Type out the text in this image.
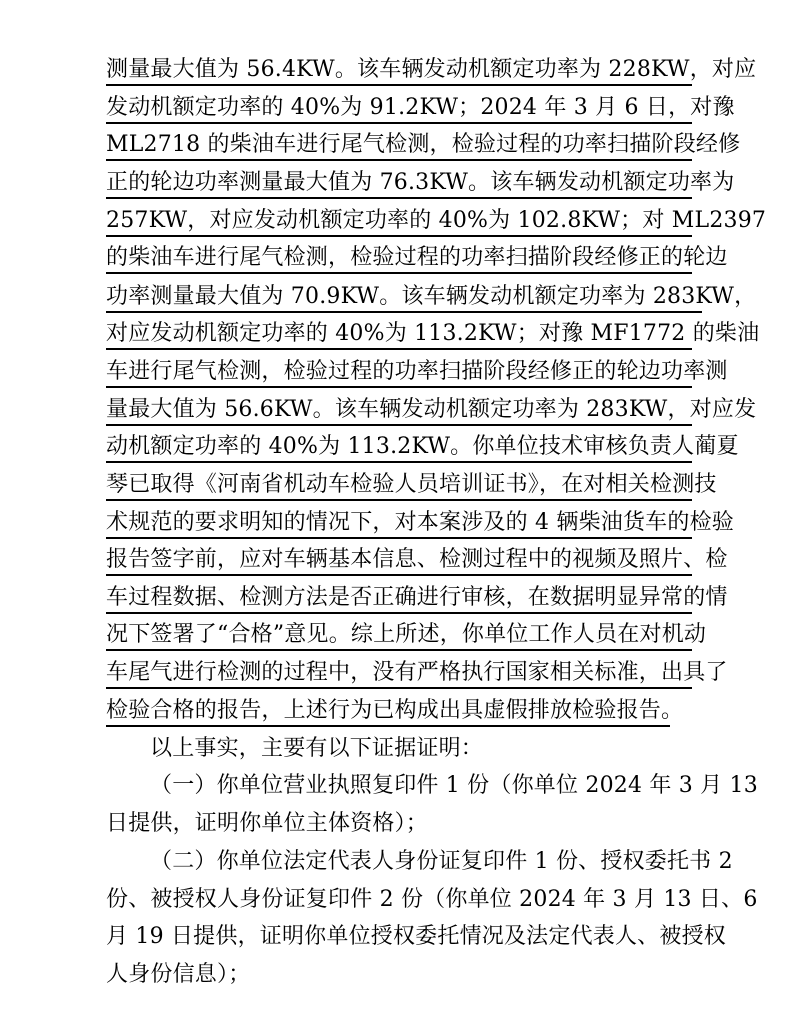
测量最大值为 56.4KW。该车辆发动机额定功率为 228KW，对应
发动机额定功率的 40%为 91.2KW；2024 年 3 月 6 日，对豫
ML2718 的柴油车进行尾气检测，检验过程的功率扫描阶段经修
正的轮边功率测量最大值为 76.3KW。该车辆发动机额定功率为
257KW，对应发动机额定功率的 40%为 102.8KW；对 ML2397
的柴油车进行尾气检测，检验过程的功率扫描阶段经修正的轮边
功率测量最大值为 70.9KW。该车辆发动机额定功率为 283KW，
对应发动机额定功率的 40%为 113.2KW；对豫 MF1772 的柴油
车进行尾气检测，检验过程的功率扫描阶段经修正的轮边功率测
量最大值为 56.6KW。该车辆发动机额定功率为 283KW，对应发
动机额定功率的 40%为 113.2KW。你单位技术审核负责人蔺夏
琴已取得《河南省机动车检验人员培训证书》，在对相关检测技
术规范的要求明知的情况下，对本案涉及的 4 辆柴油货车的检验
报告签字前，应对车辆基本信息、检测过程中的视频及照片、检
车过程数据、检测方法是否正确进行审核，在数据明显异常的情
况下签署了“合格”意见。综上所述，你单位工作人员在对机动
车尾气进行检测的过程中，没有严格执行国家相关标准，出具了
检验合格的报告，上述行为已构成出具虚假排放检验报告。
以上事实，主要有以下证据证明：
（一）你单位营业执照复印件 1 份（你单位 2024 年 3 月 13
日提供，证明你单位主体资格）；
（二）你单位法定代表人身份证复印件 1 份、授权委托书 2
份、被授权人身份证复印件 2 份（你单位 2024 年 3 月 13 日、6
月 19 日提供，证明你单位授权委托情况及法定代表人、被授权
人身份信息）；
